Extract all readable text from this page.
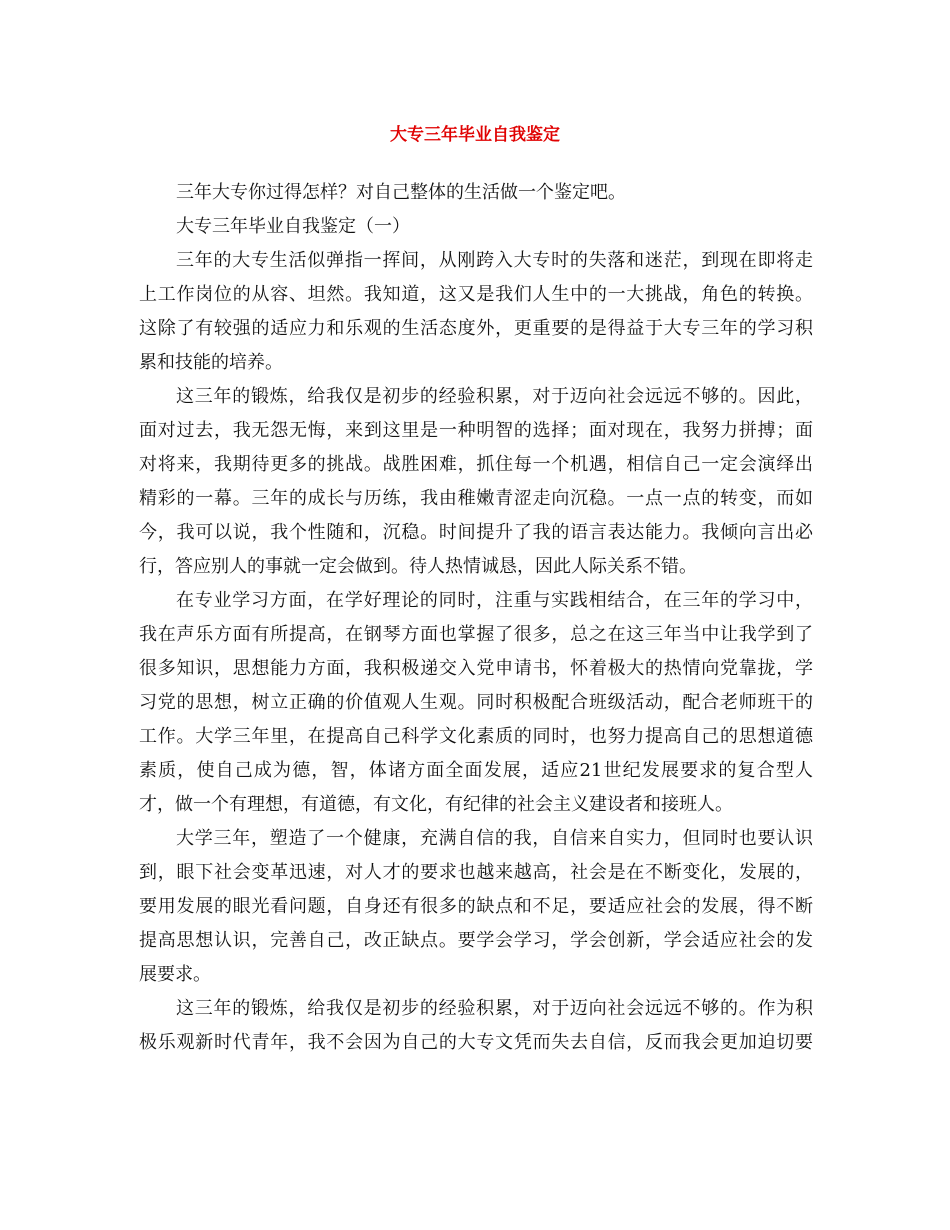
大专三年毕业自我鉴定
三年大专你过得怎样？对自己整体的生活做一个鉴定吧。
大专三年毕业自我鉴定（一）
三年的大专生活似弹指一挥间，从刚跨入大专时的失落和迷茫，到现在即将走
上工作岗位的从容、坦然。我知道，这又是我们人生中的一大挑战，角色的转换。
这除了有较强的适应力和乐观的生活态度外，更重要的是得益于大专三年的学习积
累和技能的培养。
这三年的锻炼，给我仅是初步的经验积累，对于迈向社会远远不够的。因此，
面对过去，我无怨无悔，来到这里是一种明智的选择；面对现在，我努力拼搏；面
对将来，我期待更多的挑战。战胜困难，抓住每一个机遇，相信自己一定会演绎出
精彩的一幕。三年的成长与历练，我由稚嫩青涩走向沉稳。一点一点的转变，而如
今，我可以说，我个性随和，沉稳。时间提升了我的语言表达能力。我倾向言出必
行，答应别人的事就一定会做到。待人热情诚恳，因此人际关系不错。
在专业学习方面，在学好理论的同时，注重与实践相结合，在三年的学习中，
我在声乐方面有所提高，在钢琴方面也掌握了很多，总之在这三年当中让我学到了
很多知识，思想能力方面，我积极递交入党申请书，怀着极大的热情向党靠拢，学
习党的思想，树立正确的价值观人生观。同时积极配合班级活动，配合老师班干的
工作。大学三年里，在提高自己科学文化素质的同时，也努力提高自己的思想道德
素质，使自己成为德，智，体诸方面全面发展，适应21世纪发展要求的复合型人
才，做一个有理想，有道德，有文化，有纪律的社会主义建设者和接班人。
大学三年，塑造了一个健康，充满自信的我，自信来自实力，但同时也要认识
到，眼下社会变革迅速，对人才的要求也越来越高，社会是在不断变化，发展的，
要用发展的眼光看问题，自身还有很多的缺点和不足，要适应社会的发展，得不断
提高思想认识，完善自己，改正缺点。要学会学习，学会创新，学会适应社会的发
展要求。
这三年的锻炼，给我仅是初步的经验积累，对于迈向社会远远不够的。作为积
极乐观新时代青年，我不会因为自己的大专文凭而失去自信，反而我会更加迫切要
